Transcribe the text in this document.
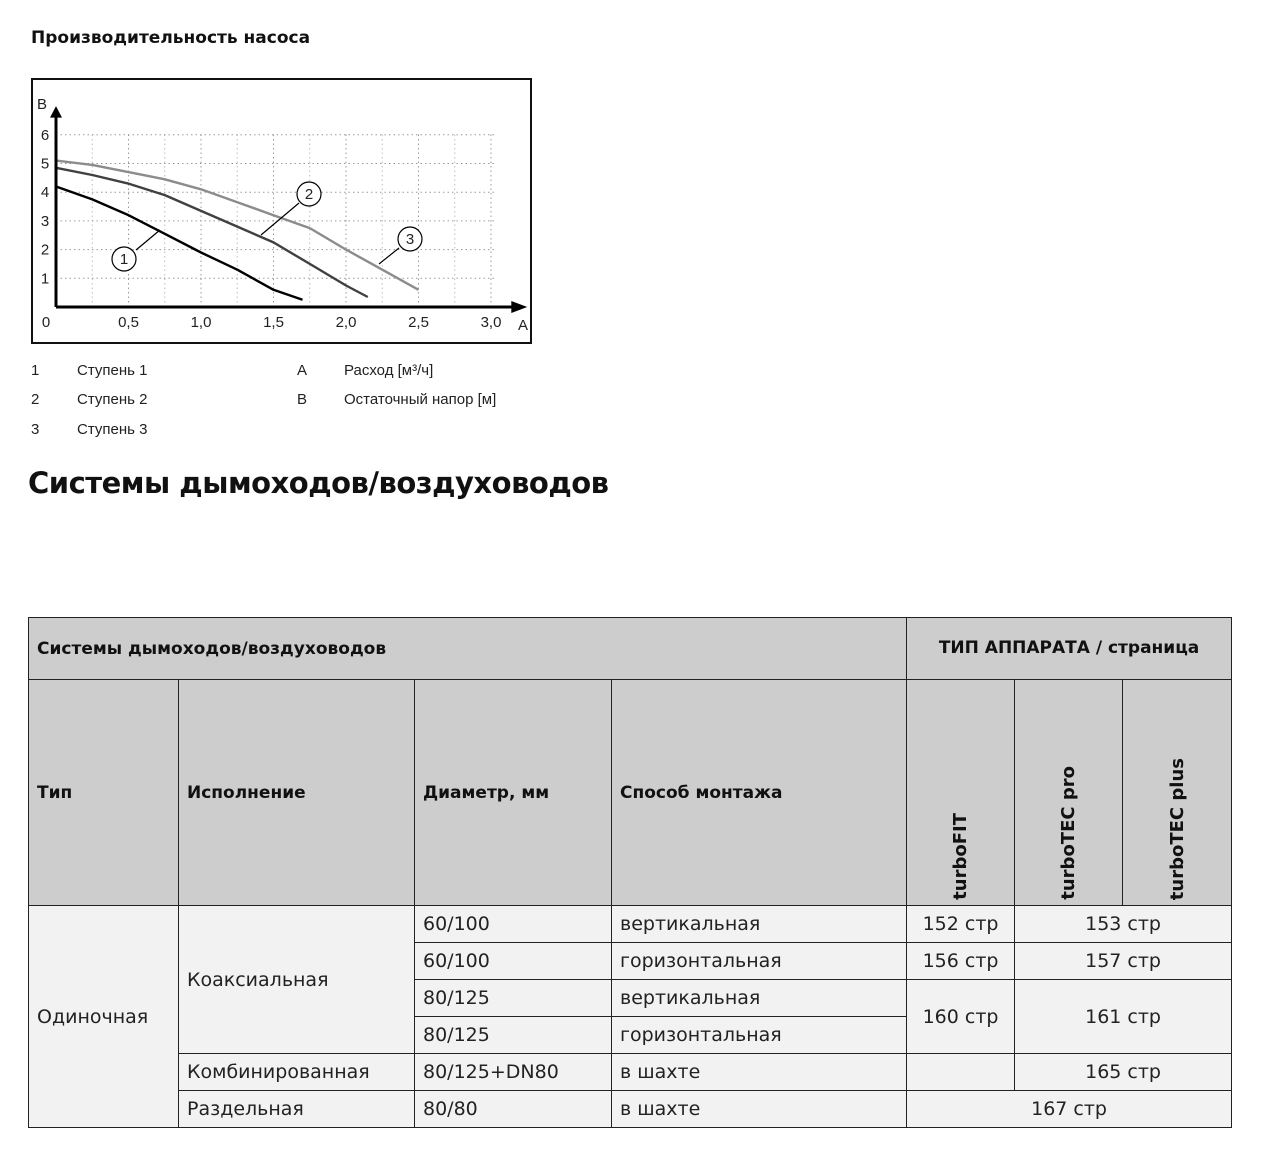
Производительность насоса
0	0,5	1,0	1,5	2,0	2,5	3,0
1
2
3
4
5
6
B
A
1
2
3
1	Ступень 1
2	Ступень 2
3	Ступень 3
A Расход [м³/ч]
B Остаточный напор [м]
Системы дымоходов/воздуховодов
Системы дымоходов/воздуховодов				ТИП АППАРАТА / страница		
Тип	Исполнение	Диаметр, мм	Способ монтажа	turboFIT	turboTEC pro	turboTEC plus
Одиночная	Коаксиальная	60/100	вертикальная	152 стр	153 стр	
		60/100	горизонтальная	156 стр	157 стр	
		80/125	вертикальная	160 стр	161 стр	
		80/125	горизонтальная			
	Комбинированная	80/125+DN80	в шахте		165 стр	
	Раздельная	80/80	в шахте	167 стр		
